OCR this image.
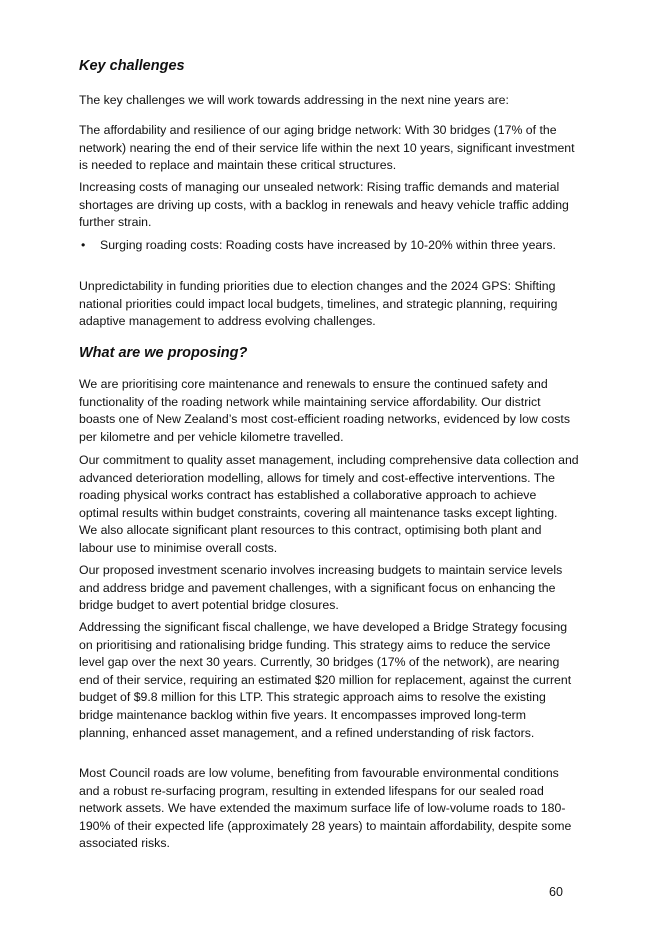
Key challenges

The key challenges we will work towards addressing in the next nine years are:

The affordability and resilience of our aging bridge network: With 30 bridges (17% of the network) nearing the end of their service life within the next 10 years, significant investment is needed to replace and maintain these critical structures.

Increasing costs of managing our unsealed network: Rising traffic demands and material shortages are driving up costs, with a backlog in renewals and heavy vehicle traffic adding further strain.

• Surging roading costs: Roading costs have increased by 10-20% within three years.

Unpredictability in funding priorities due to election changes and the 2024 GPS: Shifting national priorities could impact local budgets, timelines, and strategic planning, requiring adaptive management to address evolving challenges.

What are we proposing?

We are prioritising core maintenance and renewals to ensure the continued safety and functionality of the roading network while maintaining service affordability. Our district boasts one of New Zealand’s most cost-efficient roading networks, evidenced by low costs per kilometre and per vehicle kilometre travelled.

Our commitment to quality asset management, including comprehensive data collection and advanced deterioration modelling, allows for timely and cost-effective interventions. The roading physical works contract has established a collaborative approach to achieve optimal results within budget constraints, covering all maintenance tasks except lighting. We also allocate significant plant resources to this contract, optimising both plant and labour use to minimise overall costs.

Our proposed investment scenario involves increasing budgets to maintain service levels and address bridge and pavement challenges, with a significant focus on enhancing the bridge budget to avert potential bridge closures.

Addressing the significant fiscal challenge, we have developed a Bridge Strategy focusing on prioritising and rationalising bridge funding. This strategy aims to reduce the service level gap over the next 30 years. Currently, 30 bridges (17% of the network), are nearing end of their service, requiring an estimated $20 million for replacement, against the current budget of $9.8 million for this LTP. This strategic approach aims to resolve the existing bridge maintenance backlog within five years. It encompasses improved long-term planning, enhanced asset management, and a refined understanding of risk factors.

Most Council roads are low volume, benefiting from favourable environmental conditions and a robust re-surfacing program, resulting in extended lifespans for our sealed road network assets. We have extended the maximum surface life of low-volume roads to 180-190% of their expected life (approximately 28 years) to maintain affordability, despite some associated risks.

60
